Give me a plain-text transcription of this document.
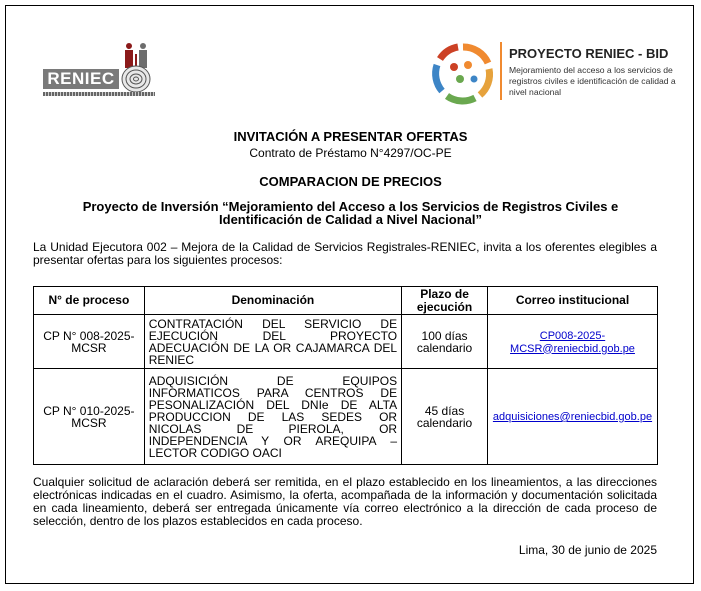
RENIEC
PROYECTO RENIEC - BID
Mejoramiento del acceso a los servicios de registros civiles e identificación de calidad a nivel nacional
INVITACIÓN A PRESENTAR OFERTAS
Contrato de Préstamo N°4297/OC-PE
COMPARACION DE PRECIOS
Proyecto de Inversión “Mejoramiento del Acceso a los Servicios de Registros Civiles e
Identificación de Calidad a Nivel Nacional”
La Unidad Ejecutora 002 – Mejora de la Calidad de Servicios Registrales-RENIEC, invita a los oferentes elegibles a presentar ofertas para los siguientes procesos:
N° de proceso	Denominación	Plazo de ejecución	Correo institucional
CP N° 008-2025-MCSR	CONTRATACIÓN DEL SERVICIO DE EJECUCIÓN DEL PROYECTO ADECUACIÓN DE LA OR CAJAMARCA DEL RENIEC	100 días calendario	CP008-2025-MCSR@reniecbid.gob.pe
CP N° 010-2025-MCSR	ADQUISICIÓN DE EQUIPOS INFORMATICOS PARA CENTROS DE PESONALIZACIÓN DEL DNIe DE ALTA PRODUCCION DE LAS SEDES OR NICOLAS DE PIEROLA, OR INDEPENDENCIA Y OR AREQUIPA – LECTOR CODIGO OACI	45 días calendario	adquisiciones@reniecbid.gob.pe
Cualquier solicitud de aclaración deberá ser remitida, en el plazo establecido en los lineamientos, a las direcciones electrónicas indicadas en el cuadro. Asimismo, la oferta, acompañada de la información y documentación solicitada en cada lineamiento, deberá ser entregada únicamente vía correo electrónico a la dirección de cada proceso de selección, dentro de los plazos establecidos en cada proceso.
Lima, 30 de junio de 2025
